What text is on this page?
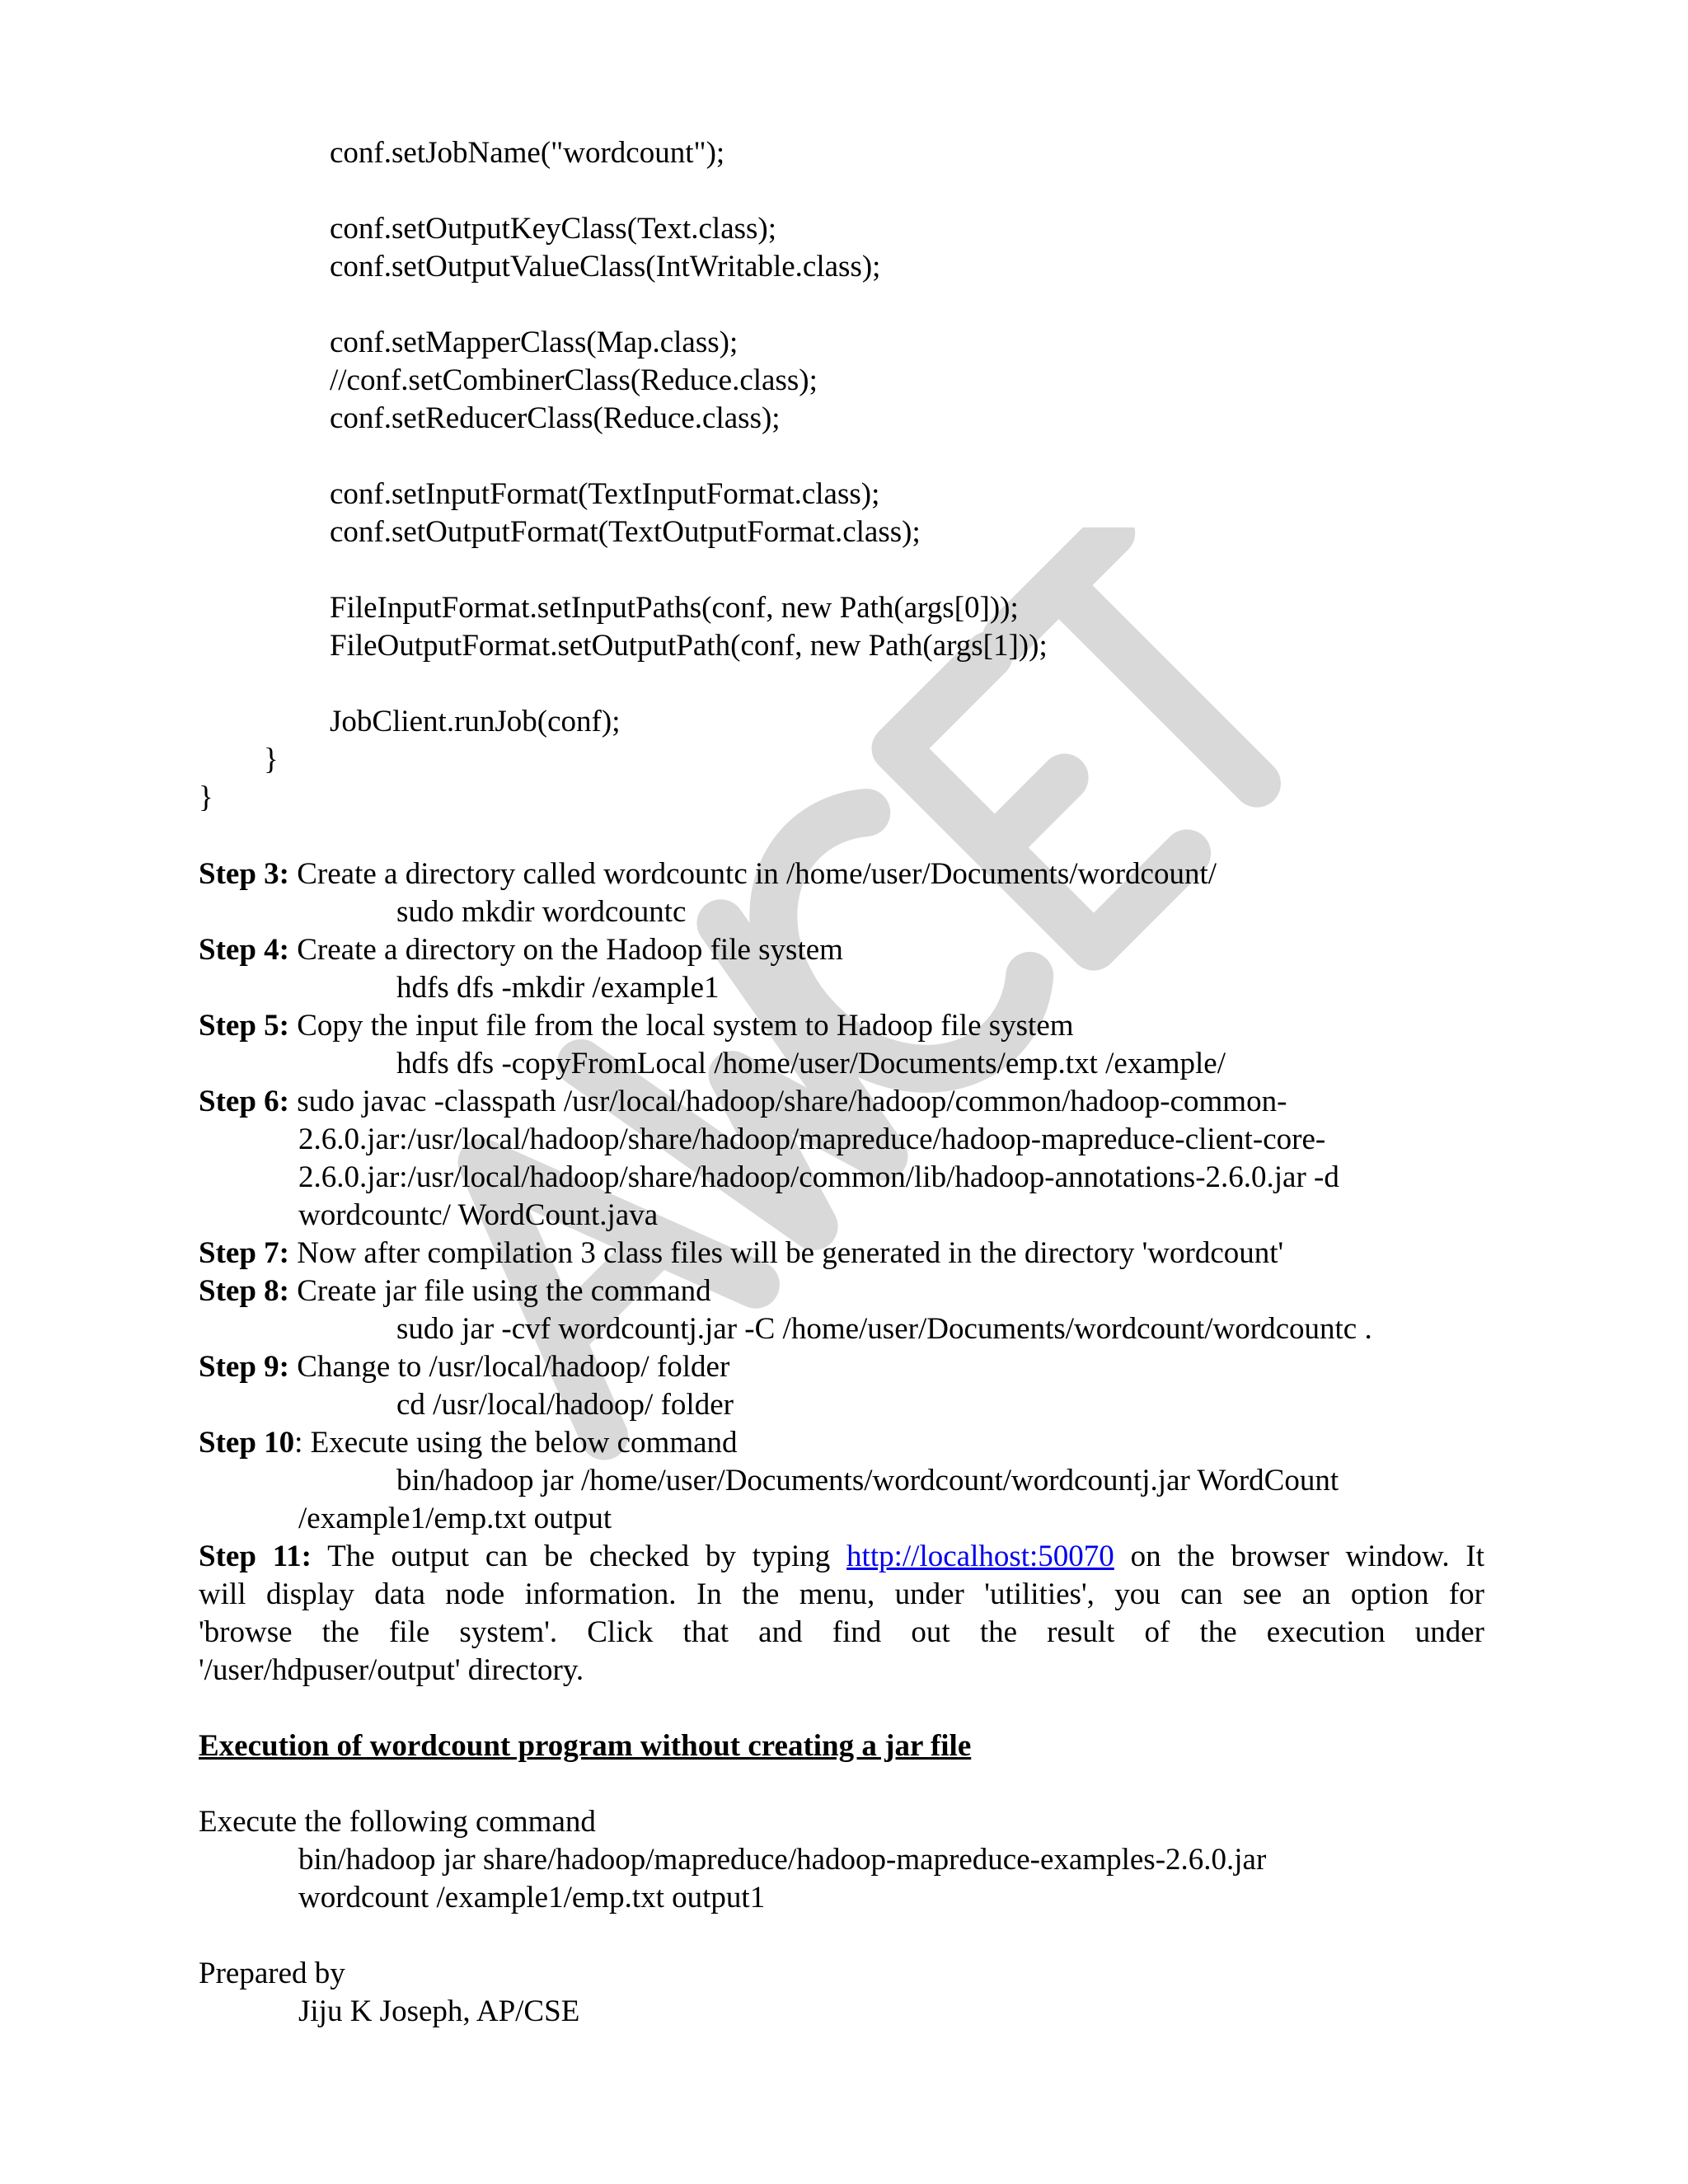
conf.setJobName("wordcount");
conf.setOutputKeyClass(Text.class);
conf.setOutputValueClass(IntWritable.class);
conf.setMapperClass(Map.class);
//conf.setCombinerClass(Reduce.class);
conf.setReducerClass(Reduce.class);
conf.setInputFormat(TextInputFormat.class);
conf.setOutputFormat(TextOutputFormat.class);
FileInputFormat.setInputPaths(conf, new Path(args[0]));
FileOutputFormat.setOutputPath(conf, new Path(args[1]));
JobClient.runJob(conf);
}
}
Step 3: Create a directory called wordcountc in /home/user/Documents/wordcount/
sudo mkdir wordcountc
Step 4: Create a directory on the Hadoop file system
hdfs dfs -mkdir /example1
Step 5: Copy the input file from the local system to Hadoop file system
hdfs dfs -copyFromLocal /home/user/Documents/emp.txt /example/
Step 6: sudo javac -classpath /usr/local/hadoop/share/hadoop/common/hadoop-common-
2.6.0.jar:/usr/local/hadoop/share/hadoop/mapreduce/hadoop-mapreduce-client-core-
2.6.0.jar:/usr/local/hadoop/share/hadoop/common/lib/hadoop-annotations-2.6.0.jar -d
wordcountc/ WordCount.java
Step 7: Now after compilation 3 class files will be generated in the directory 'wordcount'
Step 8: Create jar file using the command
sudo jar -cvf wordcountj.jar -C /home/user/Documents/wordcount/wordcountc .
Step 9: Change to /usr/local/hadoop/ folder
cd /usr/local/hadoop/ folder
Step 10: Execute using the below command
bin/hadoop jar /home/user/Documents/wordcount/wordcountj.jar WordCount
/example1/emp.txt output
Step 11: The output can be checked by typing http://localhost:50070 on the browser window. It
will display data node information. In the menu, under 'utilities', you can see an option for
'browse the file system'. Click that and find out the result of the execution under
'/user/hdpuser/output' directory.
Execution of wordcount program without creating a jar file
Execute the following command
bin/hadoop jar share/hadoop/mapreduce/hadoop-mapreduce-examples-2.6.0.jar
wordcount /example1/emp.txt output1
Prepared by
Jiju K Joseph, AP/CSE
